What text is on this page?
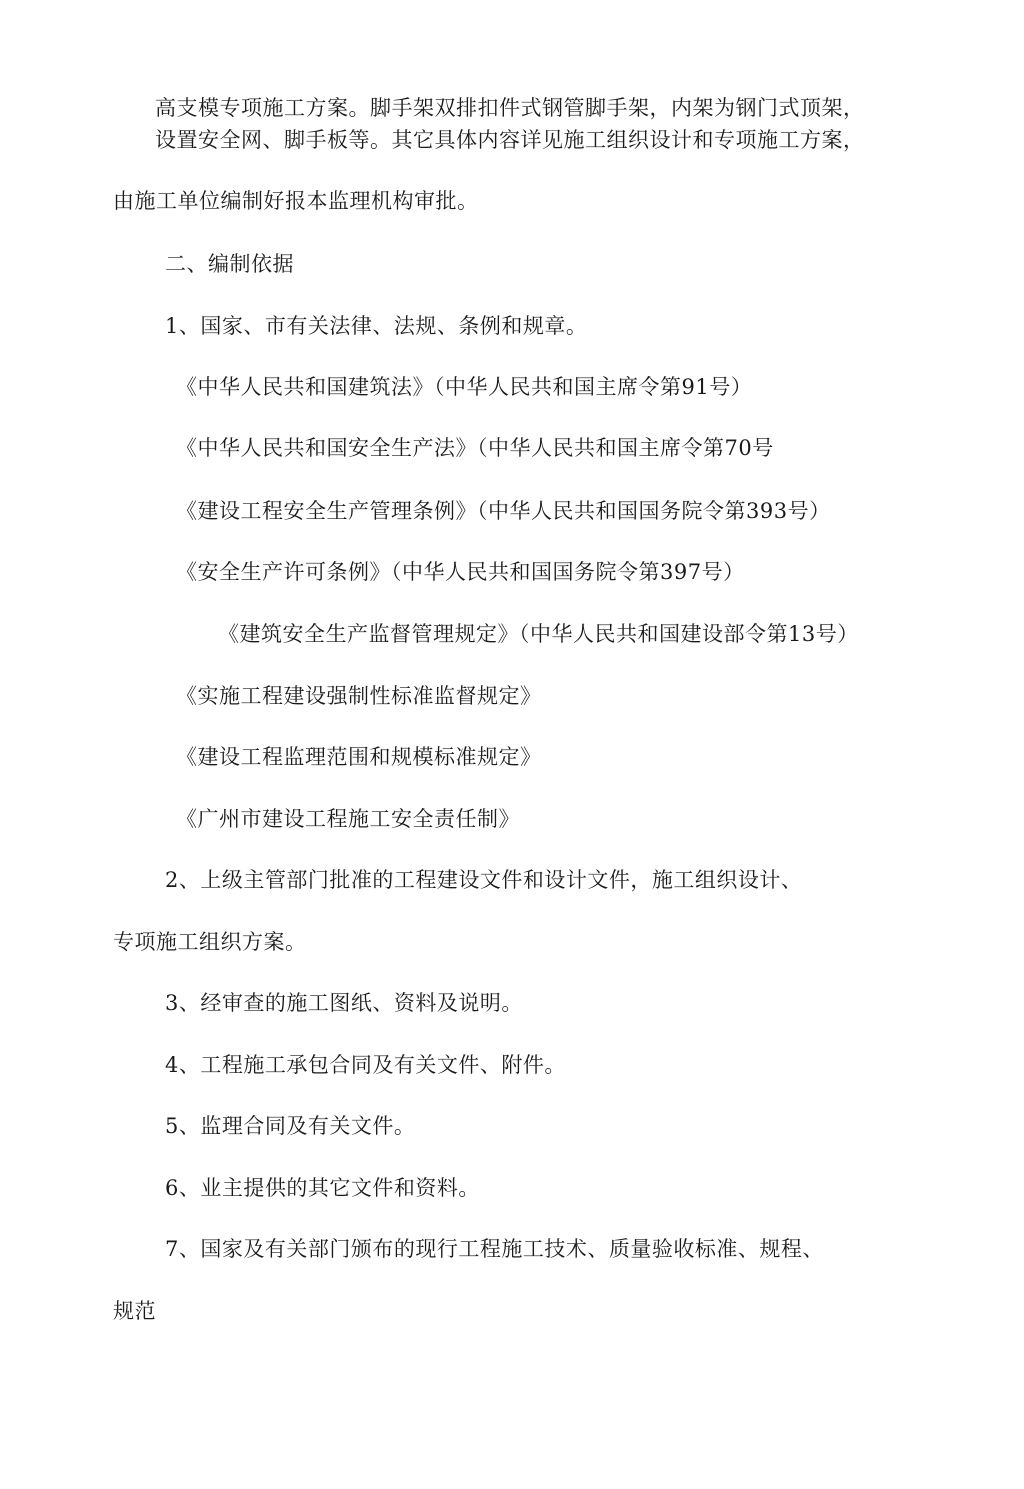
高支模专项施工方案。脚手架双排扣件式钢管脚手架，内架为钢门式顶架，
设置安全网、脚手板等。其它具体内容详见施工组织设计和专项施工方案，
由施工单位编制好报本监理机构审批。
二、编制依据
1、国家、市有关法律、法规、条例和规章。
《中华人民共和国建筑法》（中华人民共和国主席令第91号）
《中华人民共和国安全生产法》（中华人民共和国主席令第70号
《建设工程安全生产管理条例》（中华人民共和国国务院令第393号）
《安全生产许可条例》（中华人民共和国国务院令第397号）
《建筑安全生产监督管理规定》（中华人民共和国建设部令第13号）
《实施工程建设强制性标准监督规定》
《建设工程监理范围和规模标准规定》
《广州市建设工程施工安全责任制》
2、上级主管部门批准的工程建设文件和设计文件，施工组织设计、
专项施工组织方案。
3、经审查的施工图纸、资料及说明。
4、工程施工承包合同及有关文件、附件。
5、监理合同及有关文件。
6、业主提供的其它文件和资料。
7、国家及有关部门颁布的现行工程施工技术、质量验收标准、规程、
规范
